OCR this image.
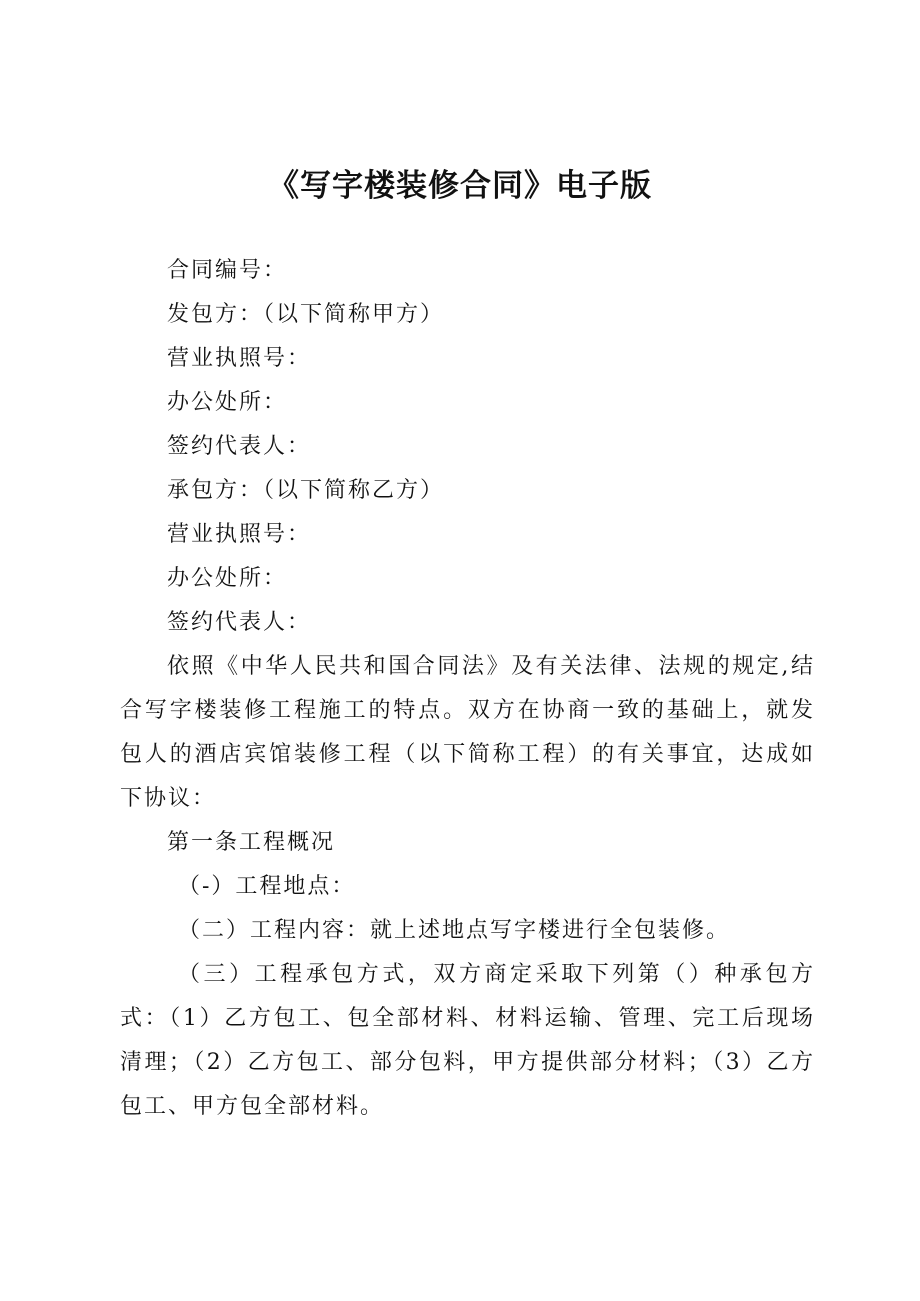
《写字楼装修合同》电子版

合同编号：

发包方：（以下简称甲方）

营业执照号：

办公处所：

签约代表人：

承包方：（以下简称乙方）

营业执照号：

办公处所：

签约代表人：

依照《中华人民共和国合同法》及有关法律、法规的规定,结合写字楼装修工程施工的特点。双方在协商一致的基础上，就发包人的酒店宾馆装修工程（以下简称工程）的有关事宜，达成如下协议：

第一条工程概况

（-）工程地点：

（二）工程内容：就上述地点写字楼进行全包装修。

（三）工程承包方式，双方商定采取下列第（）种承包方式：（1）乙方包工、包全部材料、材料运输、管理、完工后现场清理；（2）乙方包工、部分包料，甲方提供部分材料；（3）乙方包工、甲方包全部材料。
